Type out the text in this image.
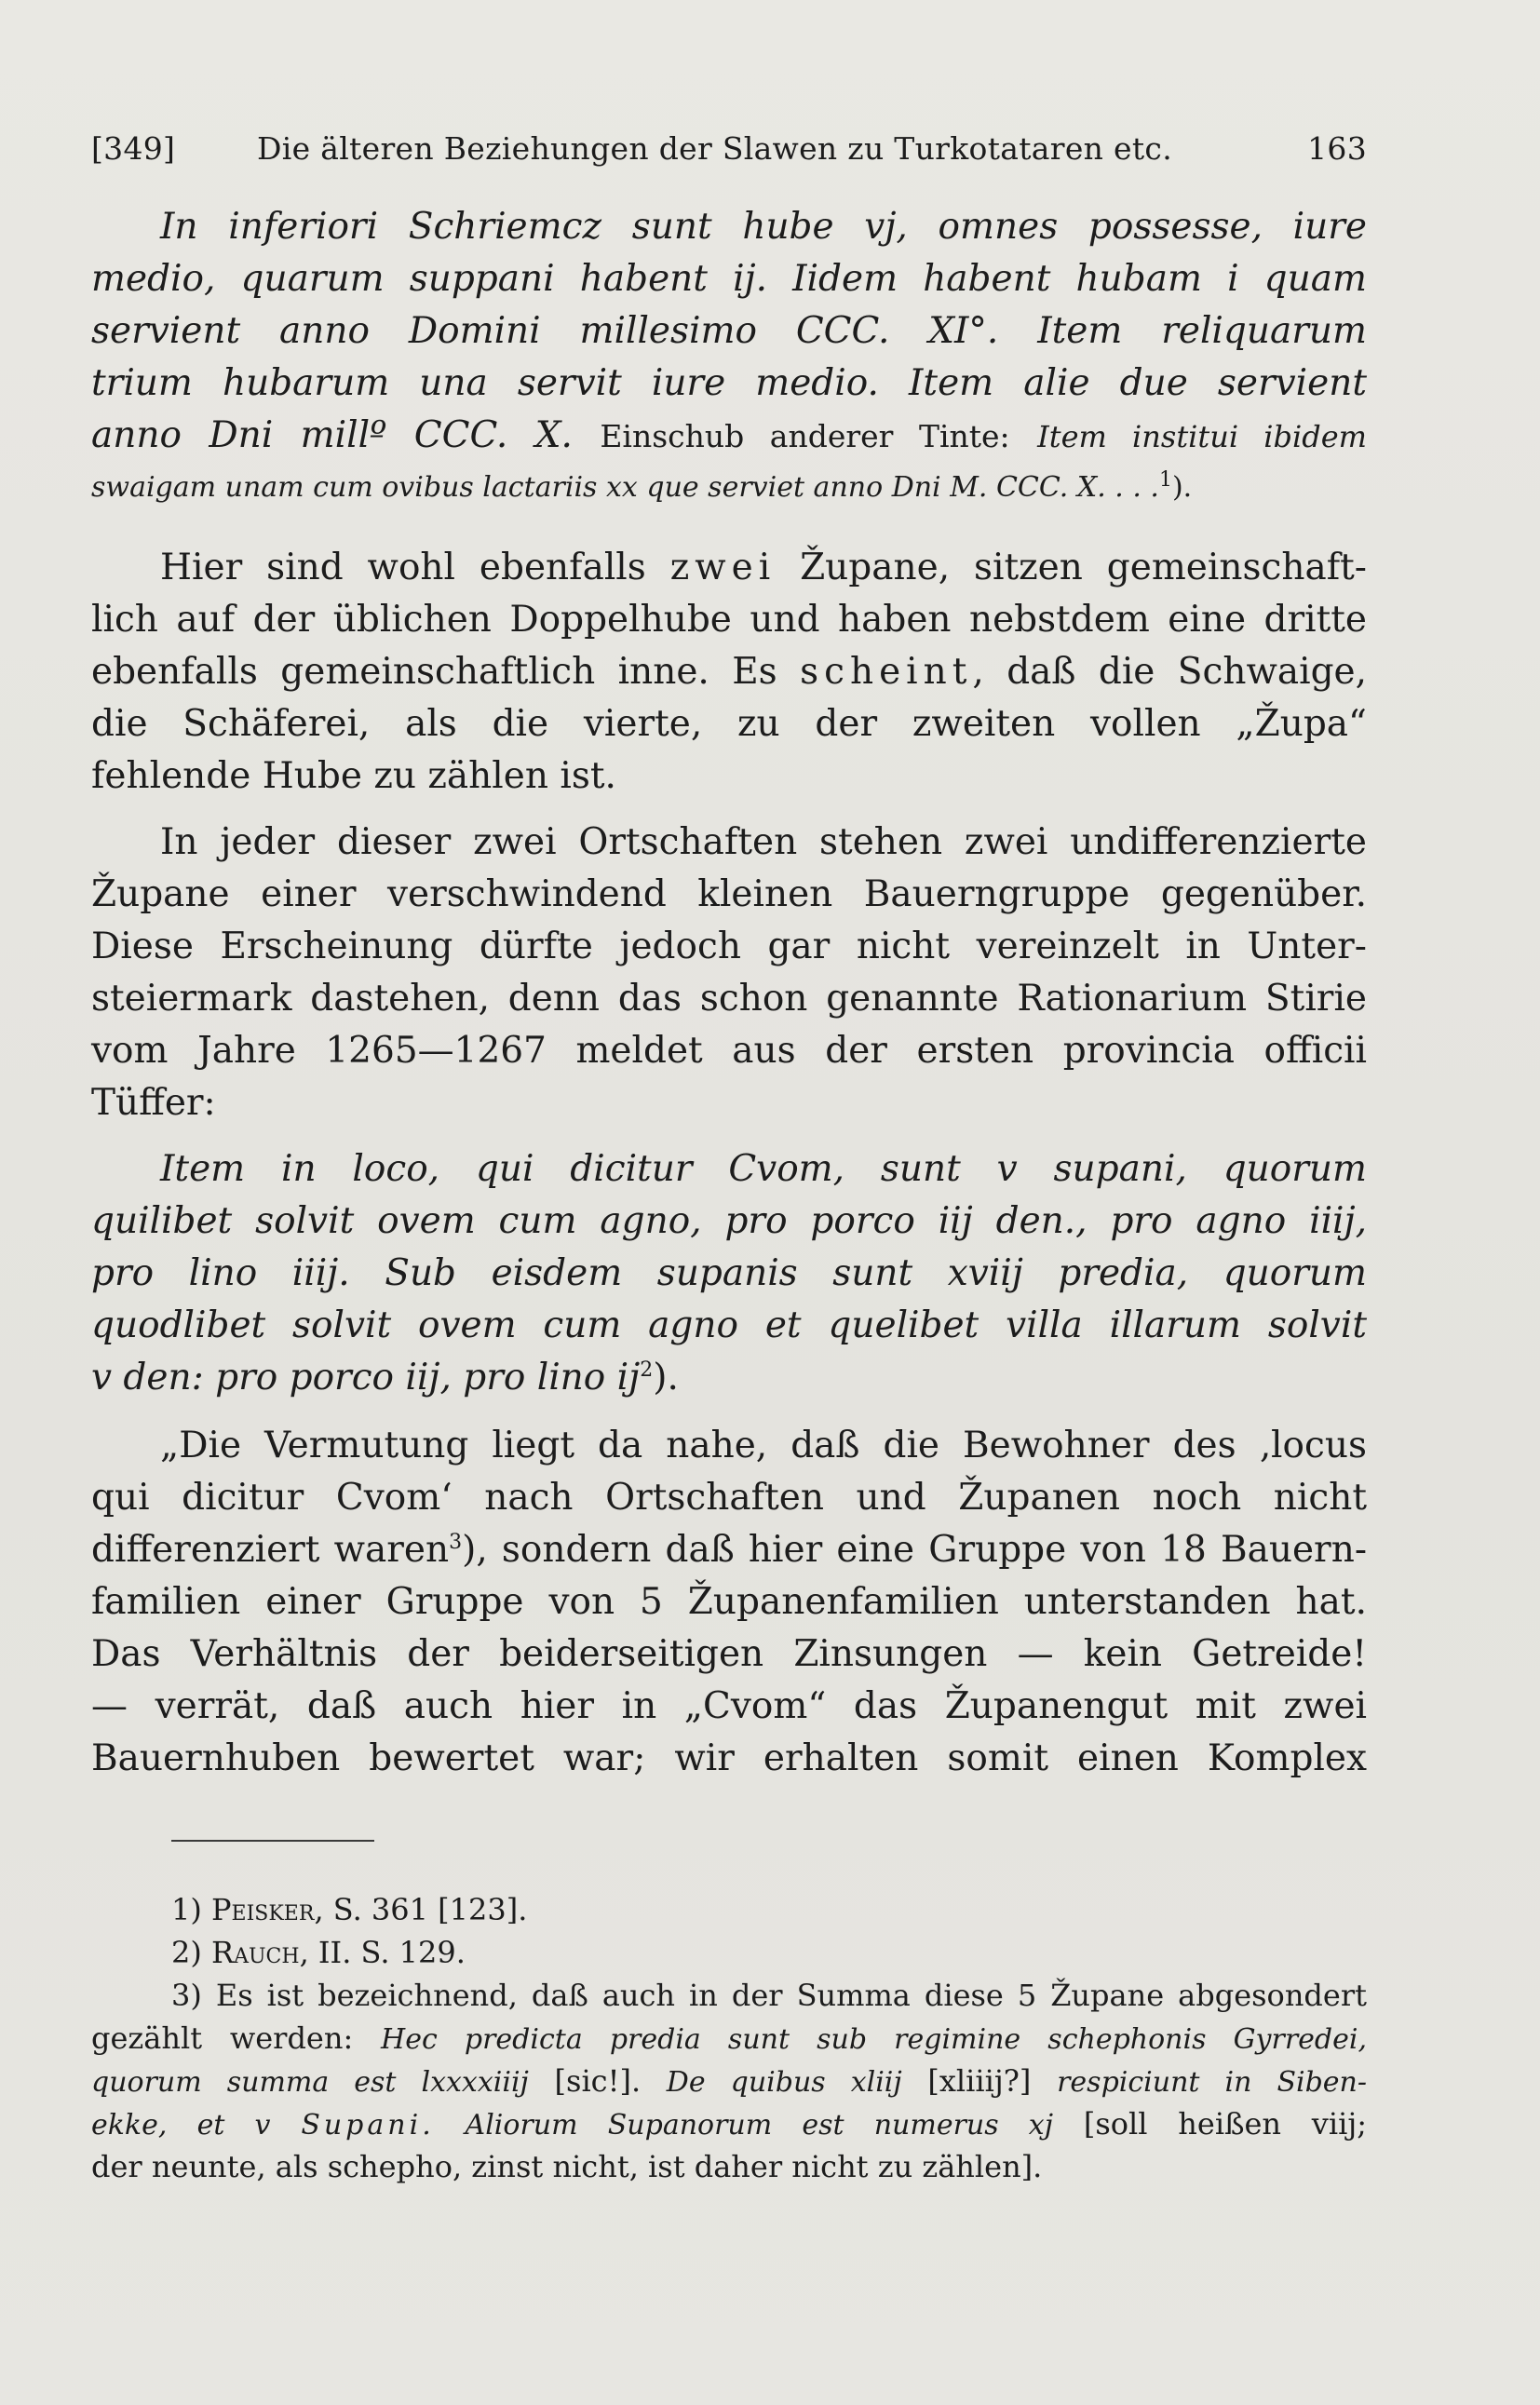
[349]	Die älteren Beziehungen der Slawen zu Turkotataren etc.	163
In inferiori Schriemcz sunt hube vj, omnes possesse, iure
medio, quarum suppani habent ij. Iidem habent hubam i quam
servient anno Domini millesimo CCC. XI°. Item reliquarum
trium hubarum una servit iure medio. Item alie due servient
anno Dni millº CCC. X. Einschub anderer Tinte: Item institui ibidem
swaigam unam cum ovibus lactariis xx que serviet anno Dni M. CCC. X. . . .$^1$).
Hier sind wohl ebenfalls zwei Župane, sitzen gemeinschaft-
lich auf der üblichen Doppelhube und haben nebstdem eine dritte
ebenfalls gemeinschaftlich inne. Es scheint, daß die Schwaige,
die Schäferei, als die vierte, zu der zweiten vollen „Župa“
fehlende Hube zu zählen ist.
In jeder dieser zwei Ortschaften stehen zwei undifferenzierte
Župane einer verschwindend kleinen Bauerngruppe gegenüber.
Diese Erscheinung dürfte jedoch gar nicht vereinzelt in Unter-
steiermark dastehen, denn das schon genannte Rationarium Stirie
vom Jahre 1265—1267 meldet aus der ersten provincia officii
Tüffer:
Item in loco, qui dicitur Cvom, sunt v supani, quorum
quilibet solvit ovem cum agno, pro porco iij den., pro agno iiij,
pro lino iiij. Sub eisdem supanis sunt xviij predia, quorum
quodlibet solvit ovem cum agno et quelibet villa illarum solvit
v den: pro porco iij, pro lino $ij^2$).
„Die Vermutung liegt da nahe, daß die Bewohner des ‚locus
qui dicitur Cvom‘ nach Ortschaften und Županen noch nicht
differenziert waren$^3$), sondern daß hier eine Gruppe von 18 Bauern-
familien einer Gruppe von 5 Županenfamilien unterstanden hat.
Das Verhältnis der beiderseitigen Zinsungen — kein Getreide!
— verrät, daß auch hier in „Cvom“ das Županengut mit zwei
Bauernhuben bewertet war; wir erhalten somit einen Komplex
1) Peisker, S. 361 [123].
2) Rauch, II. S. 129.
3) Es ist bezeichnend, daß auch in der Summa diese 5 Župane abgesondert
gezählt werden: Hec predicta predia sunt sub regimine schephonis Gyrredei,
quorum summa est lxxxxiiij [sic!]. De quibus xliij [xliiij?] respiciunt in Siben-
ekke, et v Supani. Aliorum Supanorum est numerus xj [soll heißen viij;
der neunte, als schepho, zinst nicht, ist daher nicht zu zählen].
